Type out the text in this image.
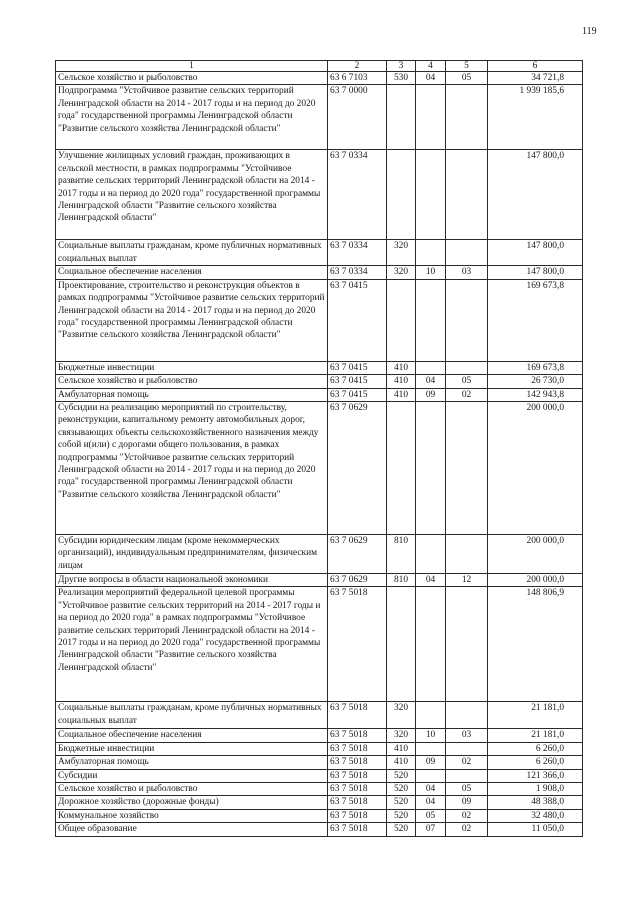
119
1	2	3	4	5	6
Сельское хозяйство и рыболовство	63 6 7103	530	04	05	34 721,8
Подпрограмма "Устойчивое развитие сельских территорий Ленинградской области на 2014 - 2017 годы и на период до 2020 года" государственной программы Ленинградской области "Развитие сельского хозяйства Ленинградской области"	63 7 0000				1 939 185,6
Улучшение жилищных условий граждан, проживающих в сельской местности, в рамках подпрограммы "Устойчивое развитие сельских территорий Ленинградской области на 2014 - 2017 годы и на период до 2020 года" государственной программы Ленинградской области "Развитие сельского хозяйства Ленинградской области"	63 7 0334				147 800,0
Социальные выплаты гражданам, кроме публичных нормативных социальных выплат	63 7 0334	320			147 800,0
Социальное обеспечение населения	63 7 0334	320	10	03	147 800,0
Проектирование, строительство и реконструкция объектов в рамках подпрограммы "Устойчивое развитие сельских территорий Ленинградской области на 2014 - 2017 годы и на период до 2020 года" государственной программы Ленинградской области "Развитие сельского хозяйства Ленинградской области"	63 7 0415				169 673,8
Бюджетные инвестиции	63 7 0415	410			169 673,8
Сельское хозяйство и рыболовство	63 7 0415	410	04	05	26 730,0
Амбулаторная помощь	63 7 0415	410	09	02	142 943,8
Субсидии на реализацию мероприятий по строительству, реконструкции, капитальному ремонту автомобильных дорог, связывающих объекты сельскохозяйственного назначения между собой и(или) с дорогами общего пользования, в рамках подпрограммы "Устойчивое развитие сельских территорий Ленинградской области на 2014 - 2017 годы и на период до 2020 года" государственной программы Ленинградской области "Развитие сельского хозяйства Ленинградской области"	63 7 0629				200 000,0
Субсидии юридическим лицам (кроме некоммерческих организаций), индивидуальным предпринимателям, физическим лицам	63 7 0629	810			200 000,0
Другие вопросы в области национальной экономики	63 7 0629	810	04	12	200 000,0
Реализация мероприятий федеральной целевой программы "Устойчивое развитие сельских территорий на 2014 - 2017 годы и на период до 2020 года" в рамках подпрограммы "Устойчивое развитие сельских территорий Ленинградской области на 2014 - 2017 годы и на период до 2020 года" государственной программы Ленинградской области "Развитие сельского хозяйства Ленинградской области"	63 7 5018				148 806,9
Социальные выплаты гражданам, кроме публичных нормативных социальных выплат	63 7 5018	320			21 181,0
Социальное обеспечение населения	63 7 5018	320	10	03	21 181,0
Бюджетные инвестиции	63 7 5018	410			6 260,0
Амбулаторная помощь	63 7 5018	410	09	02	6 260,0
Субсидии	63 7 5018	520			121 366,0
Сельское хозяйство и рыболовство	63 7 5018	520	04	05	1 908,0
Дорожное хозяйство (дорожные фонды)	63 7 5018	520	04	09	48 388,0
Коммунальное хозяйство	63 7 5018	520	05	02	32 480,0
Общее образование	63 7 5018	520	07	02	11 050,0
